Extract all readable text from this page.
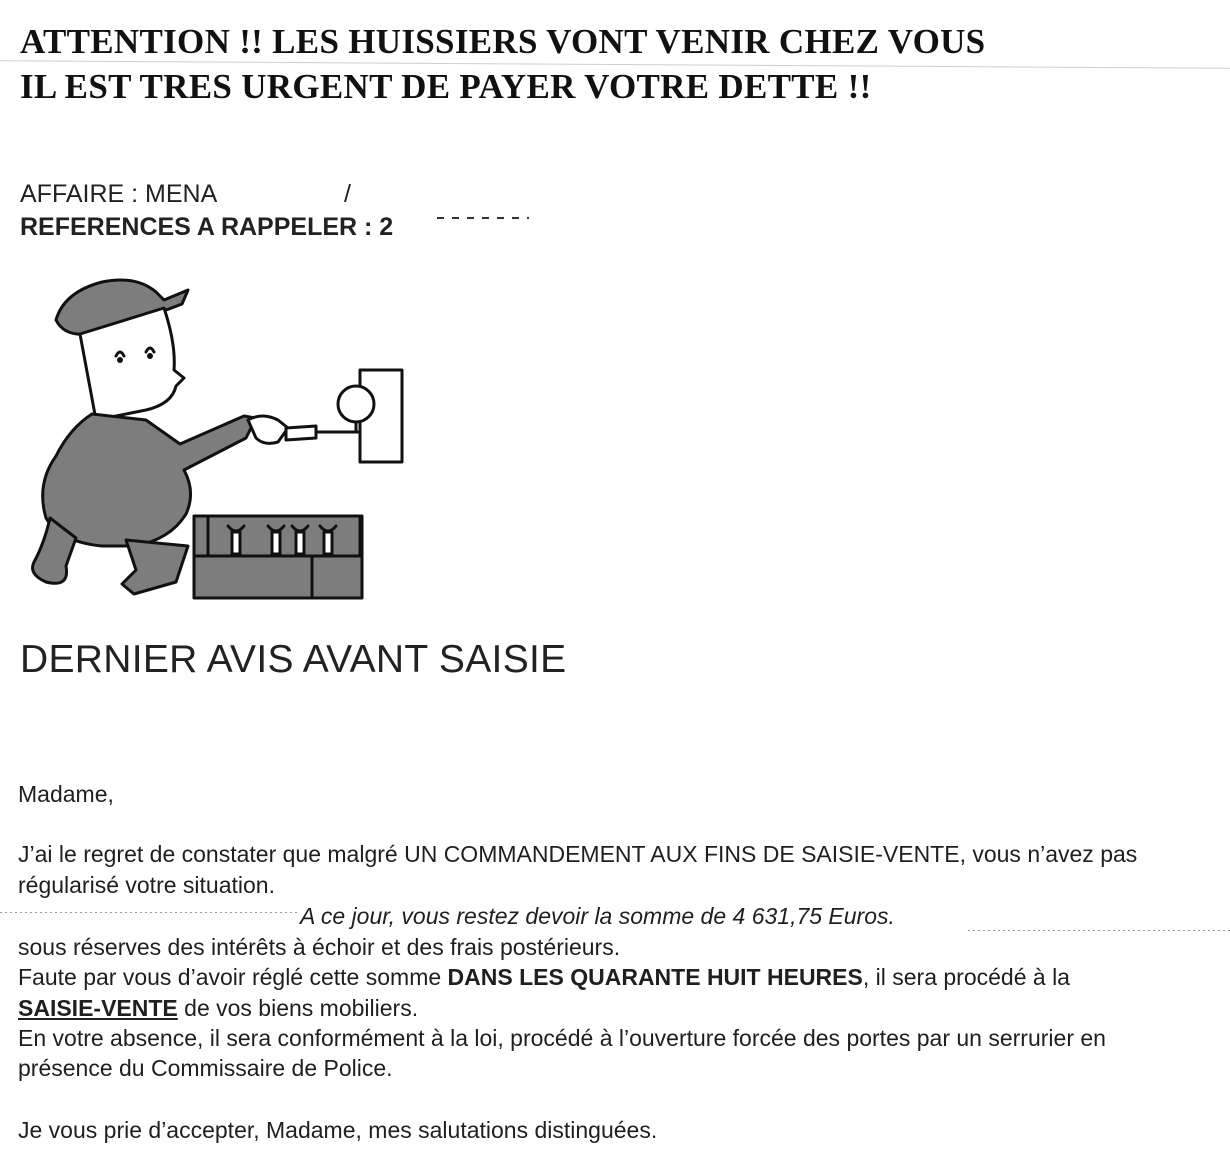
ATTENTION !! LES HUISSIERS VONT VENIR CHEZ VOUS
IL EST TRES URGENT DE PAYER VOTRE DETTE !!
AFFAIRE : MENA	/
REFERENCES A RAPPELER : 2
DERNIER AVIS AVANT SAISIE
Madame,
J’ai le regret de constater que malgré UN COMMANDEMENT AUX FINS DE SAISIE-VENTE, vous n’avez pas
régularisé votre situation.
A ce jour, vous restez devoir la somme de 4 631,75 Euros.
sous réserves des intérêts à échoir et des frais postérieurs.
Faute par vous d’avoir réglé cette somme DANS LES QUARANTE HUIT HEURES, il sera procédé à la
SAISIE-VENTE de vos biens mobiliers.
En votre absence, il sera conformément à la loi, procédé à l’ouverture forcée des portes par un serrurier en
présence du Commissaire de Police.
Je vous prie d’accepter, Madame, mes salutations distinguées.
